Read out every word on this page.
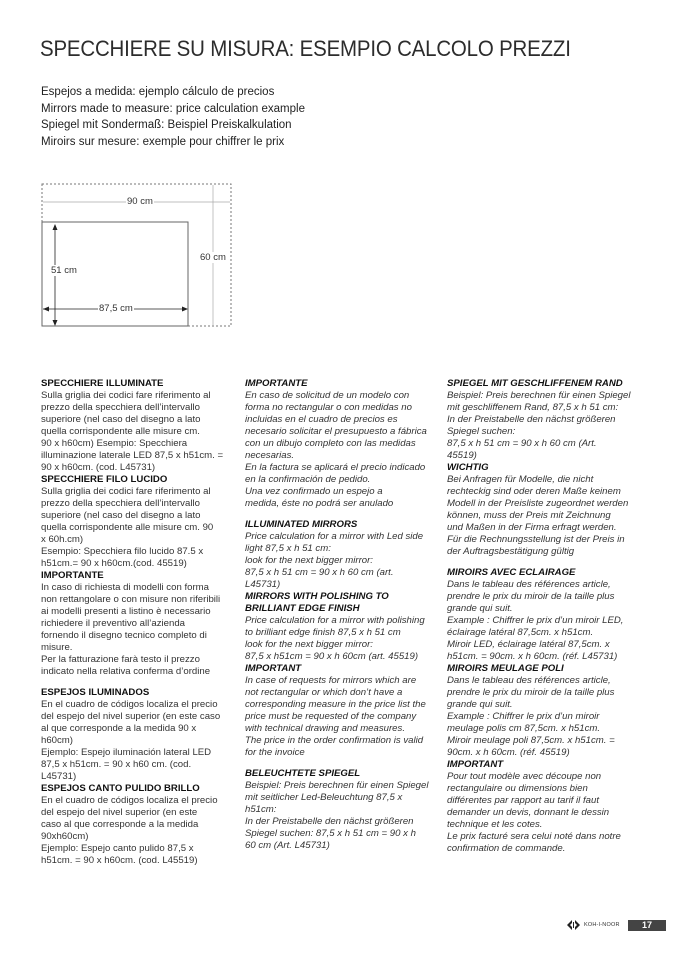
SPECCHIERE SU MISURA: ESEMPIO CALCOLO PREZZI
Espejos a medida: ejemplo cálculo de precios
Mirrors made to measure: price calculation example
Spiegel mit Sondermaß: Beispiel Preiskalkulation
Miroirs sur mesure: exemple pour chiffrer le prix
90 cm
60 cm
51 cm
87,5 cm
SPECCHIERE ILLUMINATE
Sulla griglia dei codici fare riferimento al
prezzo della specchiera dell’intervallo
superiore (nel caso del disegno a lato
quella corrispondente alle misure cm.
90 x h60cm) Esempio: Specchiera
illuminazione laterale LED 87,5 x h51cm. =
90 x h60cm. (cod. L45731)
SPECCHIERE FILO LUCIDO
Sulla griglia dei codici fare riferimento al
prezzo della specchiera dell’intervallo
superiore (nel caso del disegno a lato
quella corrispondente alle misure cm. 90
x 60h.cm)
Esempio: Specchiera filo lucido 87.5 x
h51cm.= 90 x h60cm.(cod. 45519)
IMPORTANTE
In caso di richiesta di modelli con forma
non rettangolare o con misure non riferibili
ai modelli presenti a listino è necessario
richiedere il preventivo all’azienda
fornendo il disegno tecnico completo di
misure.
Per la fatturazione farà testo il prezzo
indicato nella relativa conferma d’ordine
ESPEJOS ILUMINADOS
En el cuadro de códigos localiza el precio
del espejo del nivel superior (en este caso
al que corresponde a la medida 90 x
h60cm)
Ejemplo: Espejo iluminación lateral LED
87,5 x h51cm. = 90 x h60 cm. (cod.
L45731)
ESPEJOS CANTO PULIDO BRILLO
En el cuadro de códigos localiza el precio
del espejo del nivel superior (en este
caso al que corresponde a la medida
90xh60cm)
Ejemplo: Espejo canto pulido 87,5 x
h51cm. = 90 x h60cm. (cod. L45519)
IMPORTANTE
En caso de solicitud de un modelo con
forma no rectangular o con medidas no
incluidas en el cuadro de precios es
necesario solicitar el presupuesto a fábrica
con un dibujo completo con las medidas
necesarias.
En la factura se aplicará el precio indicado
en la confirmación de pedido.
Una vez confirmado un espejo a
medida, éste no podrá ser anulado
ILLUMINATED MIRRORS
Price calculation for a mirror with Led side
light 87,5 x h 51 cm:
look for the next bigger mirror:
87,5 x h 51 cm = 90 x h 60 cm (art.
L45731)
MIRRORS WITH POLISHING TO
BRILLIANT EDGE FINISH
Price calculation for a mirror with polishing
to brilliant edge finish 87,5 x h 51 cm
look for the next bigger mirror:
87,5 x h51cm = 90 x h 60cm (art. 45519)
IMPORTANT
In case of requests for mirrors which are
not rectangular or which don’t have a
corresponding measure in the price list the
price must be requested of the company
with technical drawing and measures.
The price in the order confirmation is valid
for the invoice
BELEUCHTETE SPIEGEL
Beispiel: Preis berechnen für einen Spiegel
mit seitlicher Led-Beleuchtung 87,5 x
h51cm:
In der Preistabelle den nächst größeren
Spiegel suchen: 87,5 x h 51 cm = 90 x h
60 cm (Art. L45731)
SPIEGEL MIT GESCHLIFFENEM RAND
Beispiel: Preis berechnen für einen Spiegel
mit geschliffenem Rand, 87,5 x h 51 cm:
In der Preistabelle den nächst größeren
Spiegel suchen:
87,5 x h 51 cm = 90 x h 60 cm (Art.
45519)
WICHTIG
Bei Anfragen für Modelle, die nicht
rechteckig sind oder deren Maße keinem
Modell in der Preisliste zugeordnet werden
können, muss der Preis mit Zeichnung
und Maßen in der Firma erfragt werden.
Für die Rechnungsstellung ist der Preis in
der Auftragsbestätigung gültig
MIROIRS AVEC ECLAIRAGE
Dans le tableau des références article,
prendre le prix du miroir de la taille plus
grande qui suit.
Example : Chiffrer le prix d’un miroir LED,
éclairage latéral 87,5cm. x h51cm.
Miroir LED, éclairage latéral 87,5cm. x
h51cm. = 90cm. x h 60cm. (réf. L45731)
MIROIRS MEULAGE POLI
Dans le tableau des références article,
prendre le prix du miroir de la taille plus
grande qui suit.
Example : Chiffrer le prix d’un miroir
meulage polis cm 87,5cm. x h51cm.
Miroir meulage poli 87,5cm. x h51cm. =
90cm. x h 60cm. (réf. 45519)
IMPORTANT
Pour tout modèle avec découpe non
rectangulaire ou dimensions bien
différentes par rapport au tarif il faut
demander un devis, donnant le dessin
technique et les cotes.
Le prix facturé sera celui noté dans notre
confirmation de commande.
KOH-I-NOOR	17
